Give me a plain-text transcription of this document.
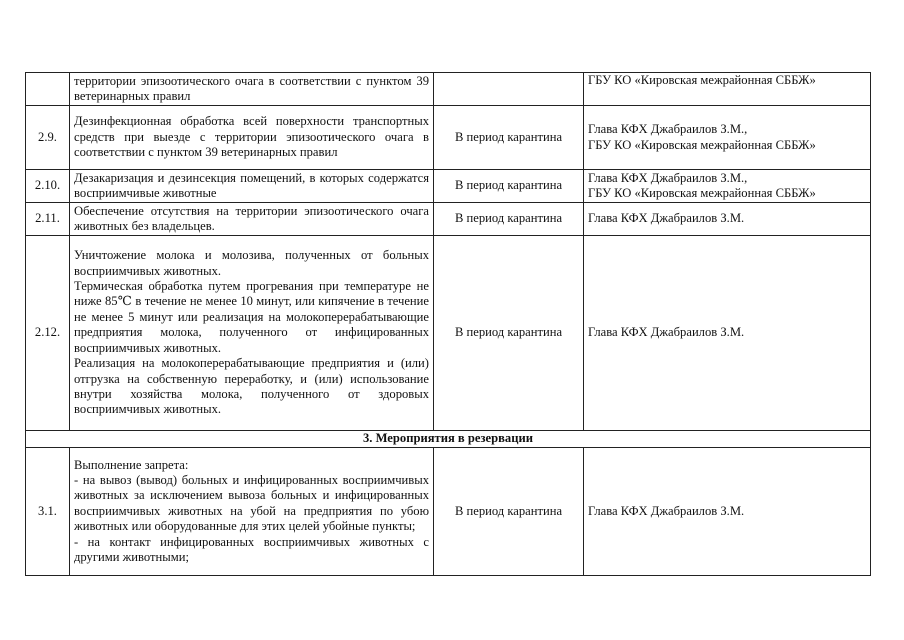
	территории эпизоотического очага в соответствии с пунктом 39 ветеринарных правил		ГБУ КО «Кировская межрайонная СББЖ»

2.9.	Дезинфекционная обработка всей поверхности транспортных средств при выезде с территории эпизоотического очага в соответствии с пунктом 39 ветеринарных правил	В период карантина	Глава КФХ Джабраилов З.М.,
ГБУ КО «Кировская межрайонная СББЖ»

2.10.	Дезакаризация и дезинсекция помещений, в которых содержатся восприимчивые животные	В период карантина	Глава КФХ Джабраилов З.М.,
ГБУ КО «Кировская межрайонная СББЖ»

2.11.	Обеспечение отсутствия на территории эпизоотического очага животных без владельцев.	В период карантина	Глава КФХ Джабраилов З.М.

2.12.	Уничтожение молока и молозива, полученных от больных восприимчивых животных.
Термическая обработка путем прогревания при температуре не ниже 85℃ в течение не менее 10 минут, или кипячение в течение не менее 5 минут или реализация на молокоперерабатывающие предприятия молока, полученного от инфицированных восприимчивых животных.
Реализация на молокоперерабатывающие предприятия и (или) отгрузка на собственную переработку, и (или) использование внутри хозяйства молока, полученного от здоровых восприимчивых животных.	В период карантина	Глава КФХ Джабраилов З.М.

3. Мероприятия в резервации			
3.1.	Выполнение запрета:
- на вывоз (вывод) больных и инфицированных восприимчивых животных за исключением вывоза больных и инфицированных восприимчивых животных на убой на предприятия по убою животных или оборудованные для этих целей убойные пункты;
- на контакт инфицированных восприимчивых животных с другими животными;	В период карантина	Глава КФХ Джабраилов З.М.
